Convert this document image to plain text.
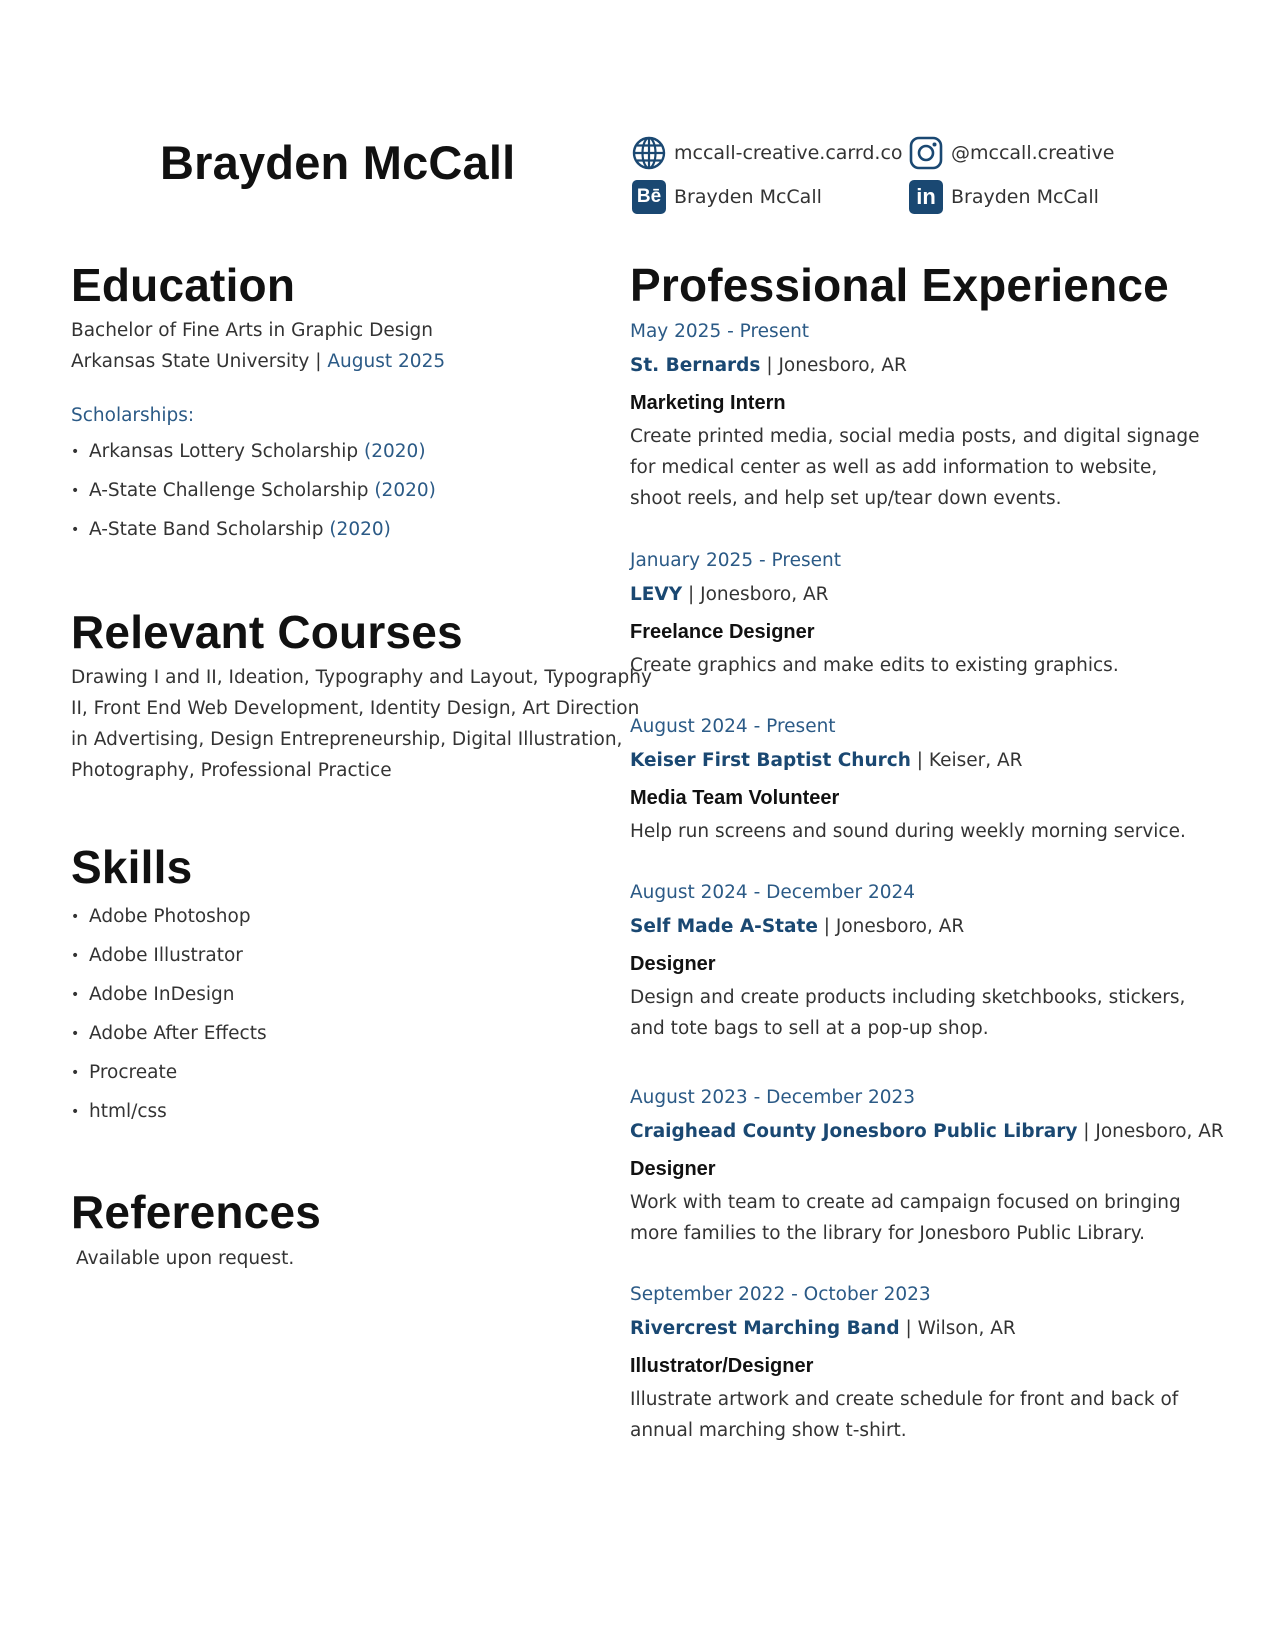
Brayden McCall	mccall-creative.carrd.co	@mccall.creative
Bē Brayden McCall	in Brayden McCall
Education
Bachelor of Fine Arts in Graphic Design
Arkansas State University | August 2025
Scholarships:
• Arkansas Lottery Scholarship
(2020)
• A-State Challenge Scholarship
(2020)
• A-State Band Scholarship
(2020)
Relevant Courses
Drawing I and II, Ideation, Typography and Layout, Typography
II, Front End Web Development, Identity Design, Art Direction
in Advertising, Design Entrepreneurship, Digital Illustration,
Photography, Professional Practice
Skills
• Adobe Photoshop
• Adobe Illustrator
• Adobe InDesign
• Adobe After Effects
• Procreate
• html/css
References
Available upon request.
Professional Experience
May 2025 - Present
St. Bernards | Jonesboro, AR
Marketing Intern
Create printed media, social media posts, and digital signage
for medical center as well as add information to website,
shoot reels, and help set up/tear down events.
January 2025 - Present
LEVY | Jonesboro, AR
Freelance Designer
Create graphics and make edits to existing graphics.
August 2024 - Present
Keiser First Baptist Church | Keiser, AR
Media Team Volunteer
Help run screens and sound during weekly morning service.
August 2024 - December 2024
Self Made A-State | Jonesboro, AR
Designer
Design and create products including sketchbooks, stickers,
and tote bags to sell at a pop-up shop.
August 2023 - December 2023
Craighead County Jonesboro Public Library | Jonesboro, AR
Designer
Work with team to create ad campaign focused on bringing
more families to the library for Jonesboro Public Library.
September 2022 - October 2023
Rivercrest Marching Band | Wilson, AR
Illustrator/Designer
Illustrate artwork and create schedule for front and back of
annual marching show t-shirt.
